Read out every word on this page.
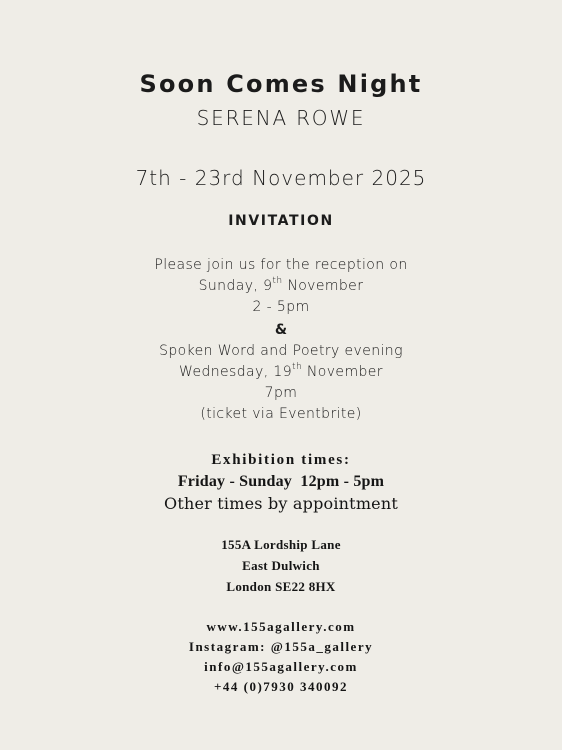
Soon Comes Night
SERENA ROWE
7th - 23rd November 2025
INVITATION
Please join us for the reception on
Sunday, 9th November
2 - 5pm
&
Spoken Word and Poetry evening
Wednesday, 19th November
7pm
(ticket via Eventbrite)
Exhibition times:
Friday - Sunday  12pm - 5pm
Other times by appointment
155A Lordship Lane
East Dulwich
London SE22 8HX
www.155agallery.com
Instagram: @155a_gallery
info@155agallery.com
+44 (0)7930 340092
